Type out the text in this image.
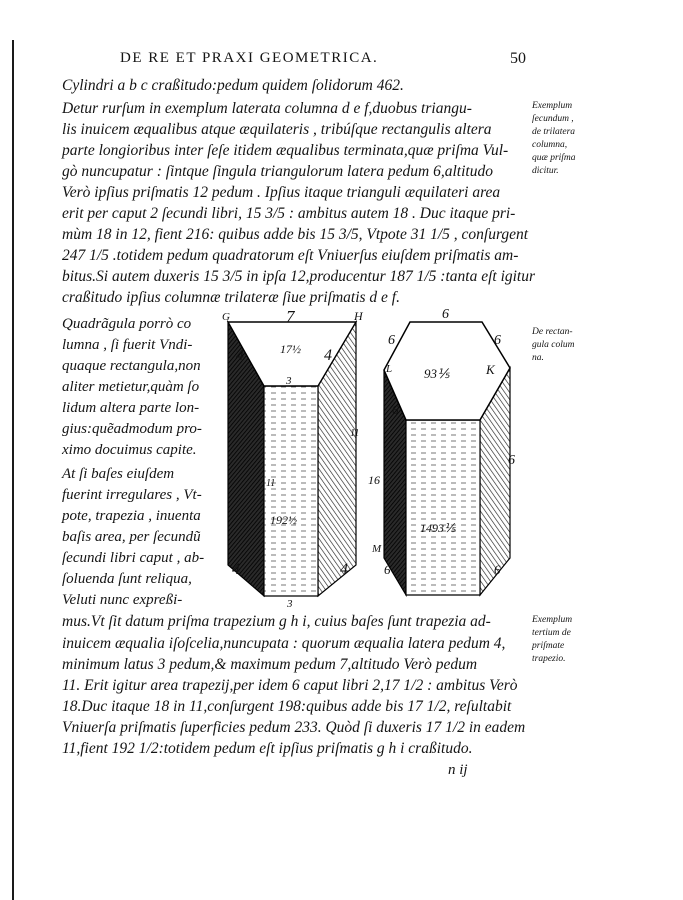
DE RE ET PRAXI GEOMETRICA.	50
Cylindri a b c craßitudo:pedum quidem ſolidorum 462.
Detur rurſum in exemplum laterata columna d e f,duobus triangu-
lis inuicem æqualibus atque æquilateris , tribúſque rectangulis altera
parte longioribus inter ſeſe itidem æqualibus terminata,quæ priſma Vul-
gò nuncupatur : ſintque ſingula triangulorum latera pedum 6,altitudo
Verò ipſius priſmatis 12 pedum . Ipſius itaque trianguli æquilateri area
erit per caput 2 ſecundi libri, 15 3/5 : ambitus autem 18 . Duc itaque pri-
mùm 18 in 12, fient 216: quibus adde bis 15 3/5, Vtpote 31 1/5 , conſurgent
247 1/5 .totidem pedum quadratorum eſt Vniuerſus eiuſdem priſmatis am-
bitus.Si autem duxeris 15 3/5 in ipſa 12,producentur 187 1/5 :tanta eſt igitur
craßitudo ipſius columnæ trilateræ ſiue priſmatis d e f.
Quadrãgula porrò co
lumna , ſi fuerit Vndi-
quaque rectangula,non
aliter metietur,quàm ſo
lidum altera parte lon-
gius:quẽadmodum pro-
ximo docuimus capite.
At ſi baſes eiuſdem
fuerint irregulares , Vt-
pote, trapezia , inuenta
baſis area, per ſecundũ
ſecundi libri caput , ab-
ſoluenda ſunt reliqua,
Veluti nunc expreßi-
mus.Vt ſit datum priſma trapezium g h i, cuius baſes ſunt trapezia ad-
inuicem æqualia iſoſcelia,nuncupata : quorum æqualia latera pedum 4,
minimum latus 3 pedum,& maximum pedum 7,altitudo Verò pedum
11. Erit igitur area trapezij,per idem 6 caput libri 2,17 1/2 : ambitus Verò
18.Duc itaque 18 in 11,conſurgent 198:quibus adde bis 17 1/2, reſultabit
Vniuerſa priſmatis ſuperficies pedum 233. Quòd ſi duxeris 17 1/2 in eadem
11,fient 192 1/2:totidem pedum eſt ipſius priſmatis g h i craßitudo.
n ij
Exemplum
ſecundum ,
de trilatera
columna,
quæ priſma
dicitur.
De rectan-
gula colum
na.
Exemplum
tertium de
priſmate
trapezio.
G	H
7
4	4
17½
3
11
11
192½
4	4
3
6
6
6
L	K
93⅕
6
16
6
M
1493⅕
6	6
